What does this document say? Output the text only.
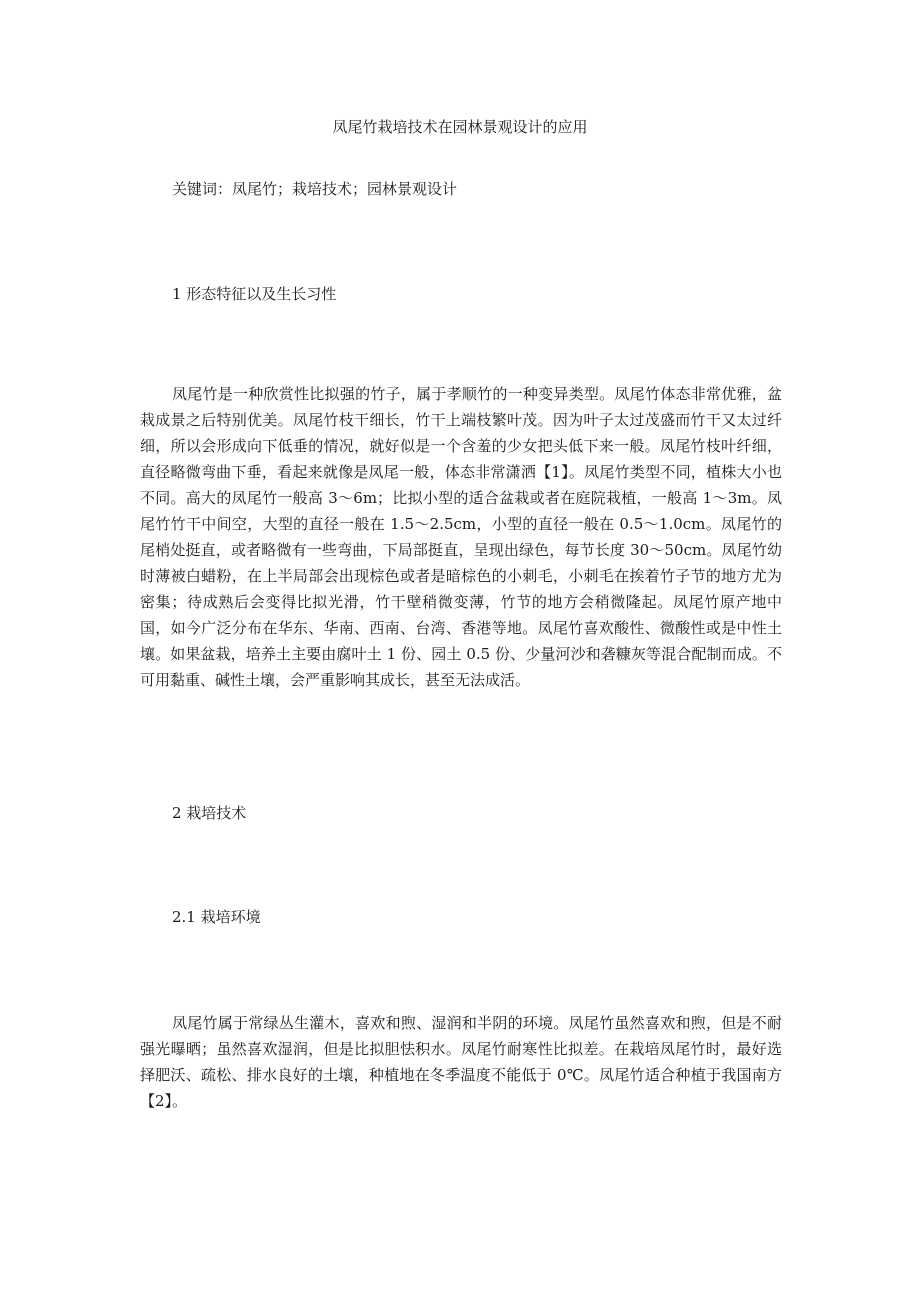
凤尾竹栽培技术在园林景观设计的应用
关键词：凤尾竹；栽培技术；园林景观设计
1 形态特征以及生长习性

凤尾竹是一种欣赏性比拟强的竹子，属于孝顺竹的一种变异类型。凤尾竹体态非常优雅，盆栽成景之后特别优美。凤尾竹枝干细长，竹干上端枝繁叶茂。因为叶子太过茂盛而竹干又太过纤细，所以会形成向下低垂的情况，就好似是一个含羞的少女把头低下来一般。凤尾竹枝叶纤细，直径略微弯曲下垂，看起来就像是凤尾一般，体态非常潇洒【1】。凤尾竹类型不同，植株大小也不同。高大的凤尾竹一般高 3～6m；比拟小型的适合盆栽或者在庭院栽植，一般高 1～3m。凤尾竹竹干中间空，大型的直径一般在 1.5～2.5cm，小型的直径一般在 0.5～1.0cm。凤尾竹的尾梢处挺直，或者略微有一些弯曲，下局部挺直，呈现出绿色，每节长度 30～50cm。凤尾竹幼时薄被白蜡粉，在上半局部会出现棕色或者是暗棕色的小刺毛，小刺毛在挨着竹子节的地方尤为密集；待成熟后会变得比拟光滑，竹干壁稍微变薄，竹节的地方会稍微隆起。凤尾竹原产地中国，如今广泛分布在华东、华南、西南、台湾、香港等地。凤尾竹喜欢酸性、微酸性或是中性土壤。如果盆栽，培养土主要由腐叶土 1 份、园土 0.5 份、少量河沙和砻糠灰等混合配制而成。不可用黏重、碱性土壤，会严重影响其成长，甚至无法成活。

2 栽培技术
2.1 栽培环境

凤尾竹属于常绿丛生灌木，喜欢和煦、湿润和半阴的环境。凤尾竹虽然喜欢和煦，但是不耐强光曝晒；虽然喜欢湿润，但是比拟胆怯积水。凤尾竹耐寒性比拟差。在栽培凤尾竹时，最好选择肥沃、疏松、排水良好的土壤，种植地在冬季温度不能低于 0℃。凤尾竹适合种植于我国南方【2】。
